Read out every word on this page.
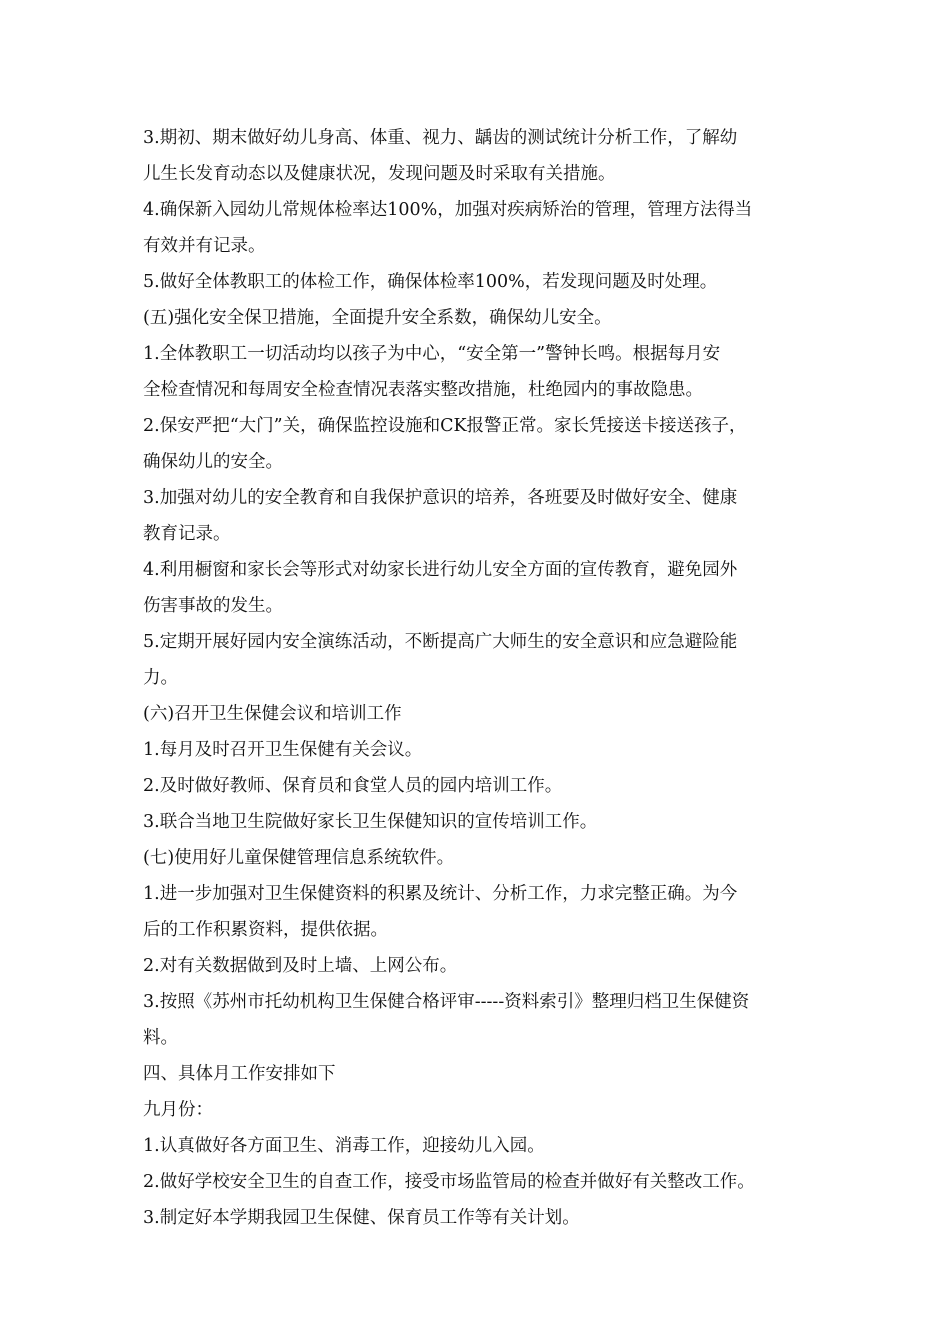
3.期初、期末做好幼儿身高、体重、视力、龋齿的测试统计分析工作，了解幼
儿生长发育动态以及健康状况，发现问题及时采取有关措施。
4.确保新入园幼儿常规体检率达100%，加强对疾病矫治的管理，管理方法得当
有效并有记录。
5.做好全体教职工的体检工作，确保体检率100%，若发现问题及时处理。
(五)强化安全保卫措施，全面提升安全系数，确保幼儿安全。
1.全体教职工一切活动均以孩子为中心，“安全第一”警钟长鸣。根据每月安
全检查情况和每周安全检查情况表落实整改措施，杜绝园内的事故隐患。
2.保安严把“大门”关，确保监控设施和CK报警正常。家长凭接送卡接送孩子，
确保幼儿的安全。
3.加强对幼儿的安全教育和自我保护意识的培养，各班要及时做好安全、健康
教育记录。
4.利用橱窗和家长会等形式对幼家长进行幼儿安全方面的宣传教育，避免园外
伤害事故的发生。
5.定期开展好园内安全演练活动，不断提高广大师生的安全意识和应急避险能
力。
(六)召开卫生保健会议和培训工作
1.每月及时召开卫生保健有关会议。
2.及时做好教师、保育员和食堂人员的园内培训工作。
3.联合当地卫生院做好家长卫生保健知识的宣传培训工作。
(七)使用好儿童保健管理信息系统软件。
1.进一步加强对卫生保健资料的积累及统计、分析工作，力求完整正确。为今
后的工作积累资料，提供依据。
2.对有关数据做到及时上墙、上网公布。
3.按照《苏州市托幼机构卫生保健合格评审-----资料索引》整理归档卫生保健资
料。
四、具体月工作安排如下
九月份：
1.认真做好各方面卫生、消毒工作，迎接幼儿入园。
2.做好学校安全卫生的自查工作，接受市场监管局的检查并做好有关整改工作。
3.制定好本学期我园卫生保健、保育员工作等有关计划。
